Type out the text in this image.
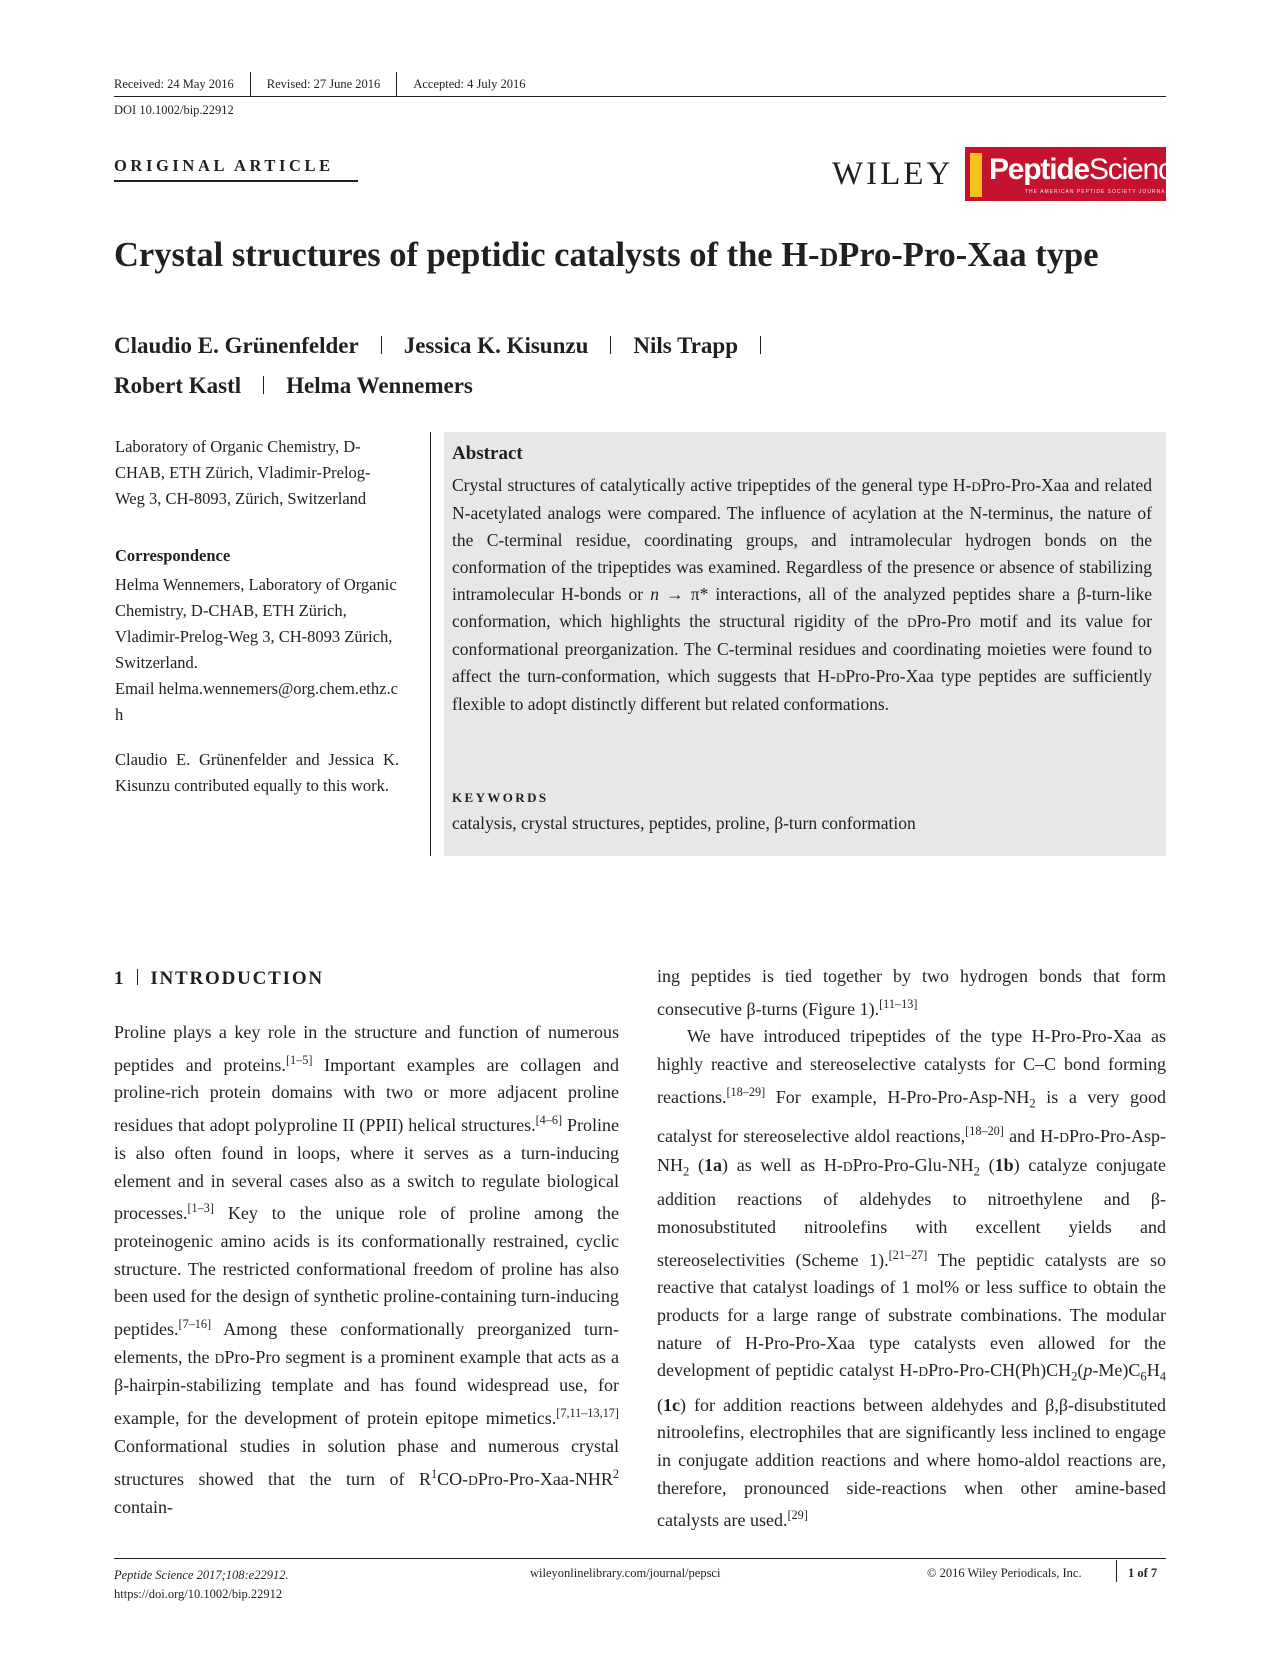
Received: 24 May 2016	Revised: 27 June 2016	Accepted: 4 July 2016
DOI 10.1002/bip.22912
ORIGINAL ARTICLE	WILEY PeptideScience
THE AMERICAN PEPTIDE SOCIETY JOURNAL
Crystal structures of peptidic catalysts of the H-DPro-Pro-Xaa type
Claudio E. Grünenfelder Jessica K. Kisunzu Nils Trapp
Robert Kastl Helma Wennemers
Laboratory of Organic Chemistry, D-CHAB, ETH Zürich, Vladimir-Prelog-Weg 3, CH-8093, Zürich, Switzerland
Correspondence
Helma Wennemers, Laboratory of Organic Chemistry, D-CHAB, ETH Zürich, Vladimir-Prelog-Weg 3, CH-8093 Zürich, Switzerland.
Email helma.wennemers@org.chem.ethz.ch
Claudio E. Grünenfelder and Jessica K. Kisunzu contributed equally to this work.
Abstract
Crystal structures of catalytically active tripeptides of the general type H-DPro-Pro-Xaa and related N-acetylated analogs were compared. The influence of acylation at the N-terminus, the nature of the C-terminal residue, coordinating groups, and intramolecular hydrogen bonds on the conformation of the tripeptides was examined. Regardless of the presence or absence of stabilizing intramolecular H-bonds or n → π* interactions, all of the analyzed peptides share a β-turn-like conformation, which highlights the structural rigidity of the DPro-Pro motif and its value for conformational preorganization. The C-terminal residues and coordinating moieties were found to affect the turn-conformation, which suggests that H-DPro-Pro-Xaa type peptides are sufficiently flexible to adopt distinctly different but related conformations.
KEYWORDS
catalysis, crystal structures, peptides, proline, β-turn conformation
1 INTRODUCTION

Proline plays a key role in the structure and function of numerous peptides and proteins.[1–5] Important examples are collagen and proline-rich protein domains with two or more adjacent proline residues that adopt polyproline II (PPII) helical structures.[4–6] Proline is also often found in loops, where it serves as a turn-inducing element and in several cases also as a switch to regulate biological processes.[1–3] Key to the unique role of proline among the proteinogenic amino acids is its conformationally restrained, cyclic structure. The restricted conformational freedom of proline has also been used for the design of synthetic proline-containing turn-inducing peptides.[7–16] Among these conformationally preorganized turn-elements, the DPro-Pro segment is a prominent example that acts as a β-hairpin-stabilizing template and has found widespread use, for example, for the development of protein epitope mimetics.[7,11–13,17] Conformational studies in solution phase and numerous crystal structures showed that the turn of $R^1CO-DPro-Pro-Xaa-NHR^2$ contain-

ing peptides is tied together by two hydrogen bonds that form consecutive β-turns (Figure 1).[11–13]

We have introduced tripeptides of the type H-Pro-Pro-Xaa as highly reactive and stereoselective catalysts for C–C bond forming reactions.[18–29] For example, $H-Pro-Pro-Asp-NH_2$ is a very good catalyst for stereoselective aldol reactions,[18–20] and $H-DPro-Pro-Asp-NH_2$ (1a) as well as $H-DPro-Pro-Glu-NH_2$ (1b) catalyze conjugate addition reactions of aldehydes to nitroethylene and β-monosubstituted nitroolefins with excellent yields and stereoselectivities (Scheme 1).[21–27] The peptidic catalysts are so reactive that catalyst loadings of 1 mol% or less suffice to obtain the products for a large range of substrate combinations. The modular nature of H-Pro-Pro-Xaa type catalysts even allowed for the development of peptidic catalyst $H-DPro-Pro-CH(Ph)CH_2(p-Me)C_6H_4$ (1c) for addition reactions between aldehydes and β,β-disubstituted nitroolefins, electrophiles that are significantly less inclined to engage in conjugate addition reactions and where homo-aldol reactions are, therefore, pronounced side-reactions when other amine-based catalysts are used.[29]

Peptide Science 2017;108:e22912.
https://doi.org/10.1002/bip.22912
wileyonlinelibrary.com/journal/pepsci	© 2016 Wiley Periodicals, Inc.	1 of 7
